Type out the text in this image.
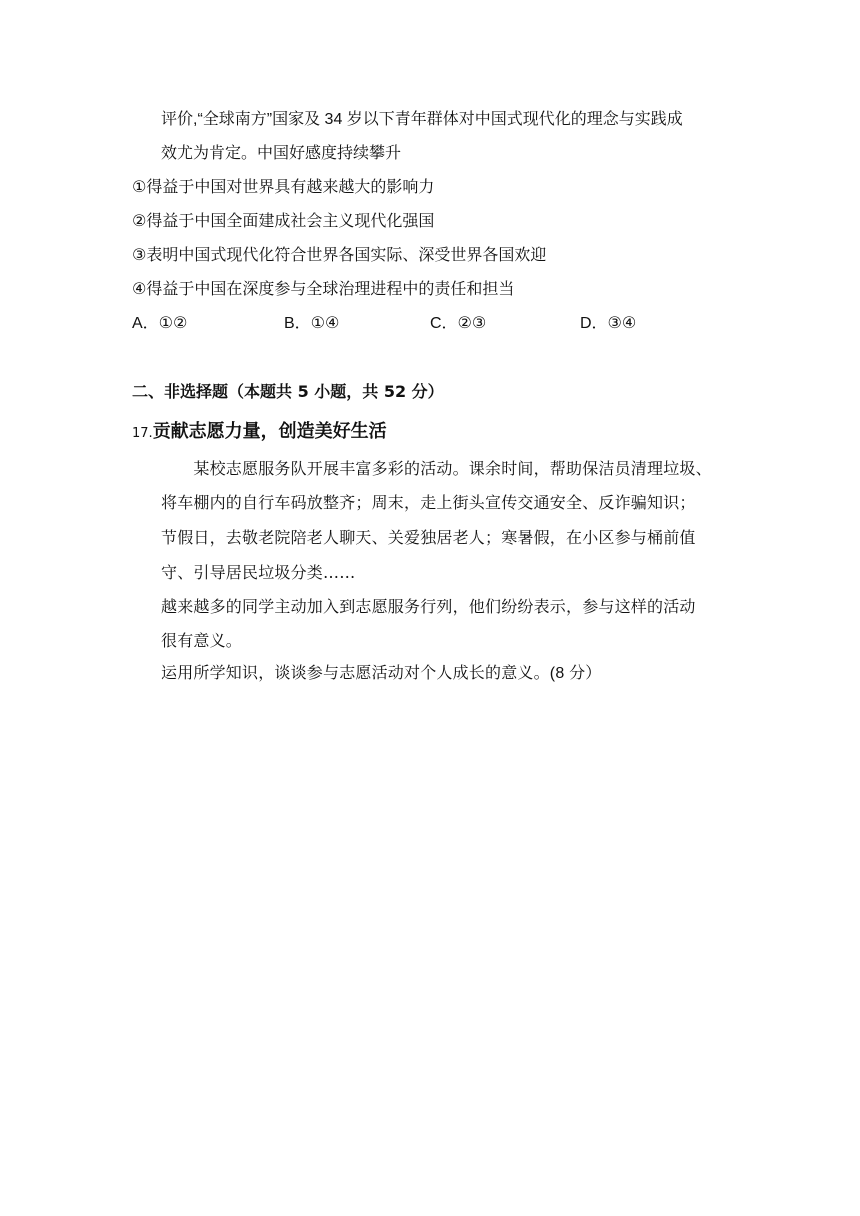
评价,“全球南方”国家及 34 岁以下青年群体对中国式现代化的理念与实践成
效尤为肯定。中国好感度持续攀升
①得益于中国对世界具有越来越大的影响力
②得益于中国全面建成社会主义现代化强国
③表明中国式现代化符合世界各国实际、深受世界各国欢迎
④得益于中国在深度参与全球治理进程中的责任和担当
A．①②	B．①④	C．②③	D．③④
二、非选择题（本题共 5 小题，共 52 分）
17.贡献志愿力量，创造美好生活
　　某校志愿服务队开展丰富多彩的活动。课余时间，帮助保洁员清理垃圾、
将车棚内的自行车码放整齐；周末，走上街头宣传交通安全、反诈骗知识；
节假日，去敬老院陪老人聊天、关爱独居老人；寒暑假，在小区参与桶前值
守、引导居民垃圾分类……
越来越多的同学主动加入到志愿服务行列，他们纷纷表示，参与这样的活动
很有意义。
运用所学知识，谈谈参与志愿活动对个人成长的意义。(8 分）
